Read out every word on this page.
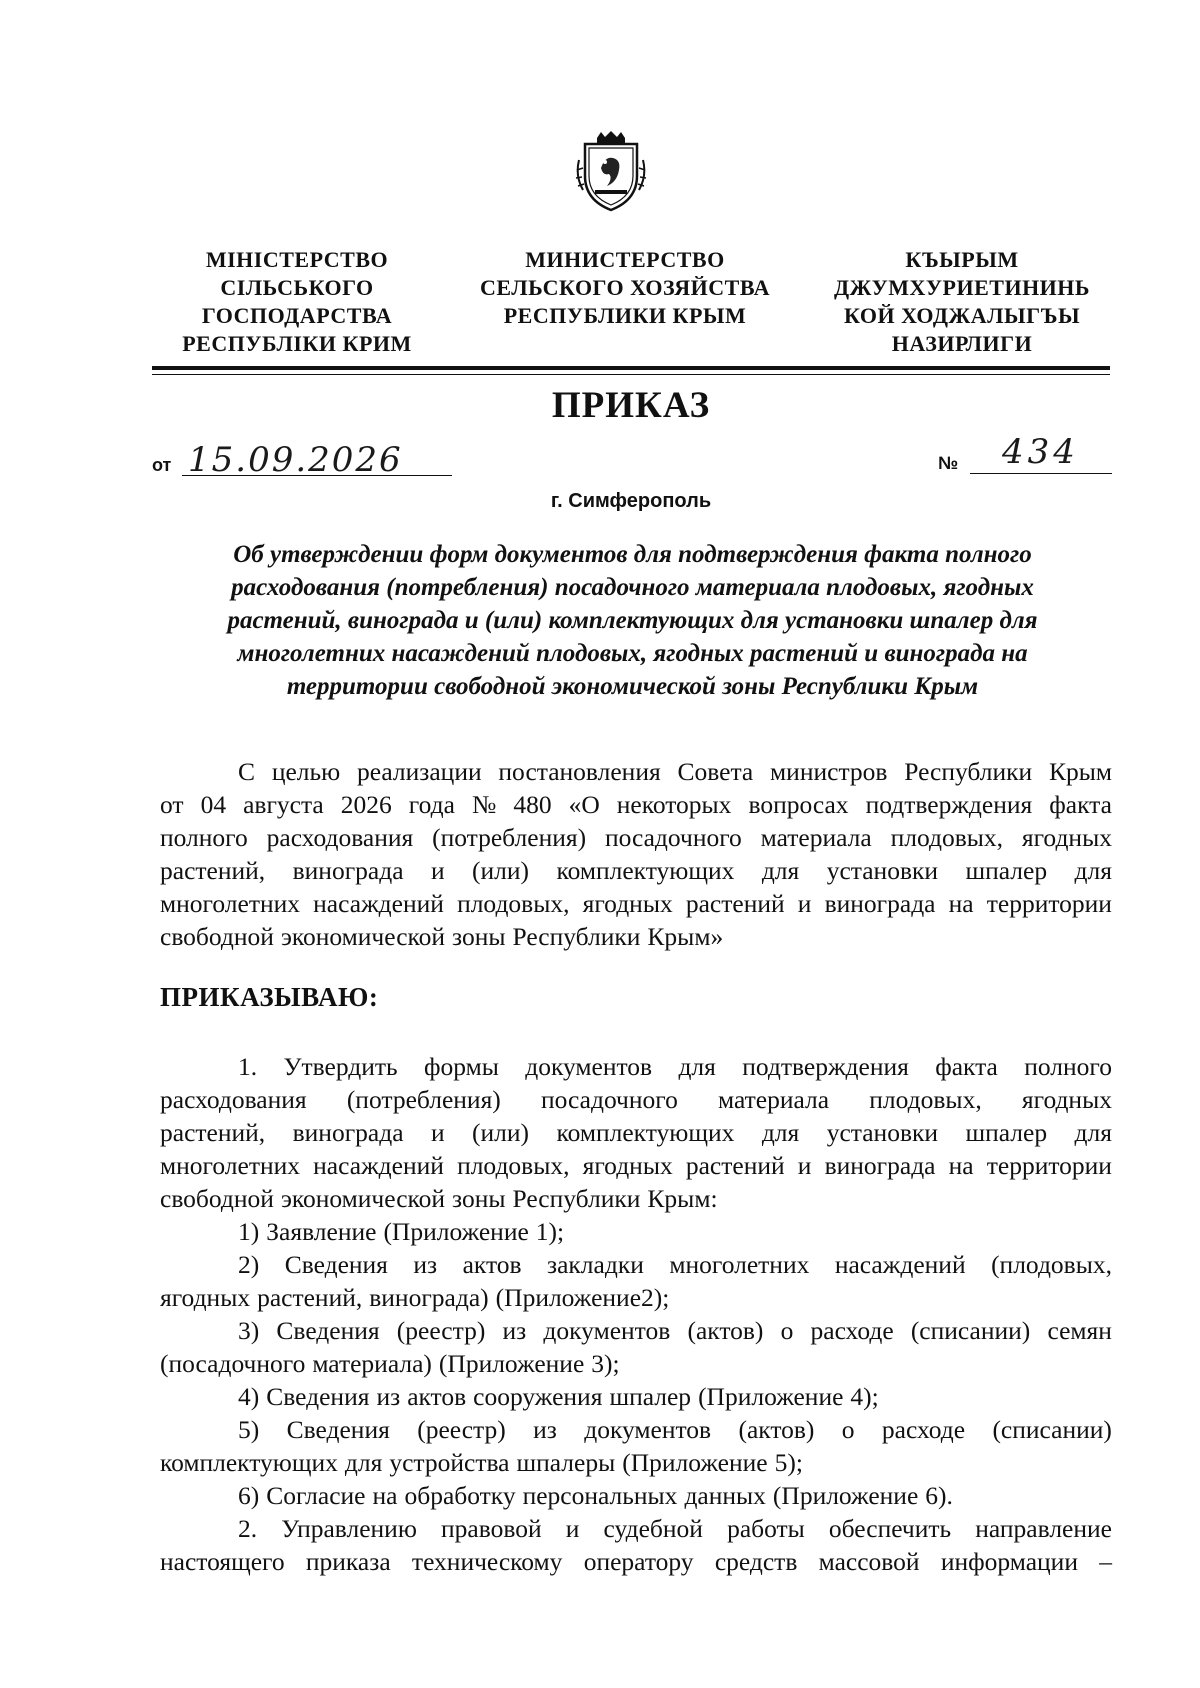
МІНІСТЕРСТВО
СІЛЬСЬКОГО
ГОСПОДАРСТВА
РЕСПУБЛІКИ КРИМ
МИНИСТЕРСТВО
СЕЛЬСКОГО ХОЗЯЙСТВА
РЕСПУБЛИКИ КРЫМ
КЪЫРЫМ
ДЖУМХУРИЕТИНИНЬ
КОЙ ХОДЖАЛЫГЪЫ
НАЗИРЛИГИ
ПРИКАЗ
от 15.09.2026	№ 434
г. Симферополь
Об утверждении форм документов для подтверждения факта полного
расходования (потребления) посадочного материала плодовых, ягодных
растений, винограда и (или) комплектующих для установки шпалер для
многолетних насаждений плодовых, ягодных растений и винограда на
территории свободной экономической зоны Республики Крым
С целью реализации постановления Совета министров Республики Крым
от 04 августа 2026 года № 480 «О некоторых вопросах подтверждения факта
полного расходования (потребления) посадочного материала плодовых, ягодных
растений, винограда и (или) комплектующих для установки шпалер для
многолетних насаждений плодовых, ягодных растений и винограда на территории
свободной экономической зоны Республики Крым»
ПРИКАЗЫВАЮ:
1. Утвердить формы документов для подтверждения факта полного
расходования (потребления) посадочного материала плодовых, ягодных
растений, винограда и (или) комплектующих для установки шпалер для
многолетних насаждений плодовых, ягодных растений и винограда на территории
свободной экономической зоны Республики Крым:
1) Заявление (Приложение 1);
2) Сведения из актов закладки многолетних насаждений (плодовых,
ягодных растений, винограда) (Приложение2);
3) Сведения (реестр) из документов (актов) о расходе (списании) семян
(посадочного материала) (Приложение 3);
4) Сведения из актов сооружения шпалер (Приложение 4);
5) Сведения (реестр) из документов (актов) о расходе (списании)
комплектующих для устройства шпалеры (Приложение 5);
6) Согласие на обработку персональных данных (Приложение 6).
2. Управлению правовой и судебной работы обеспечить направление
настоящего приказа техническому оператору средств массовой информации –
